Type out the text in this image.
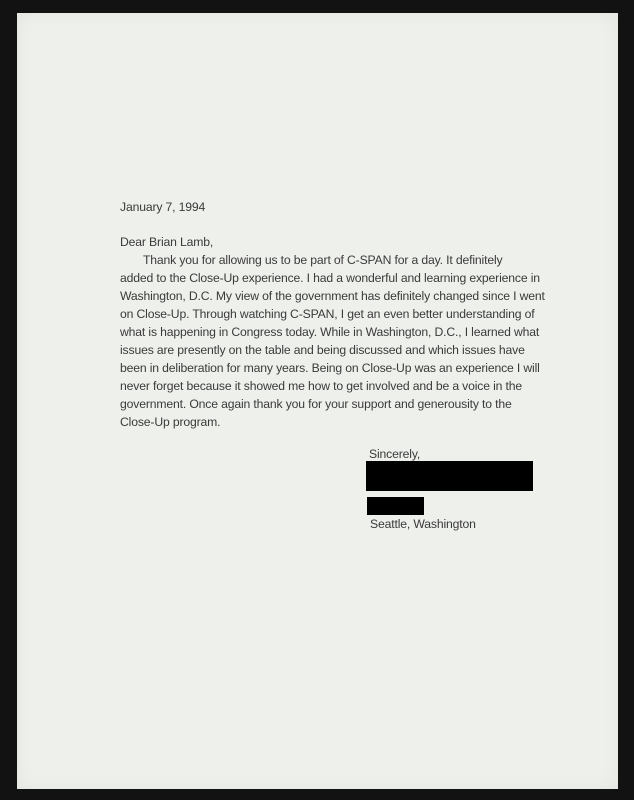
January 7, 1994
Dear Brian Lamb,
Thank you for allowing us to be part of C-SPAN for a day. It definitely
added to the Close-Up experience. I had a wonderful and learning experience in
Washington, D.C. My view of the government has definitely changed since I went
on Close-Up. Through watching C-SPAN, I get an even better understanding of
what is happening in Congress today. While in Washington, D.C., I learned what
issues are presently on the table and being discussed and which issues have
been in deliberation for many years. Being on Close-Up was an experience I will
never forget because it showed me how to get involved and be a voice in the
government. Once again thank you for your support and generousity to the
Close-Up program.
Sincerely,
Seattle, Washington
